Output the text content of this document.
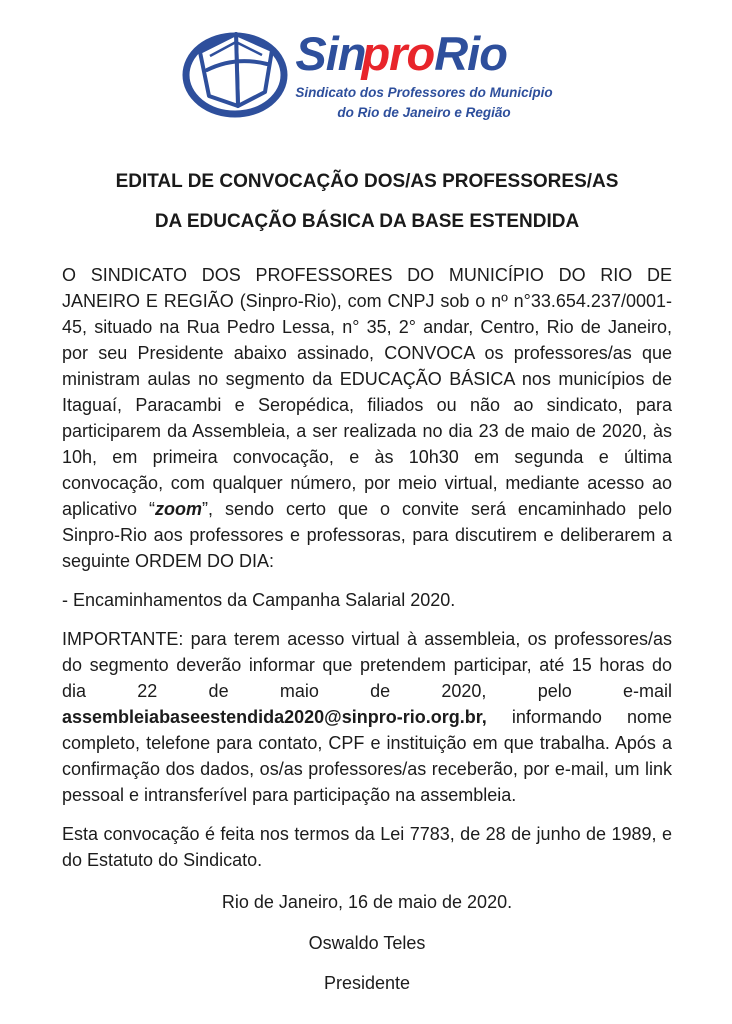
SinproRio
Sindicato dos Professores do Município
do Rio de Janeiro e Região
EDITAL DE CONVOCAÇÃO DOS/AS PROFESSORES/AS
DA EDUCAÇÃO BÁSICA DA BASE ESTENDIDA

O SINDICATO DOS PROFESSORES DO MUNICÍPIO DO RIO DE JANEIRO E REGIÃO (Sinpro-Rio), com CNPJ sob o nº n°33.654.237/0001-45, situado na Rua Pedro Lessa, n° 35, 2° andar, Centro, Rio de Janeiro, por seu Presidente abaixo assinado, CONVOCA os professores/as que ministram aulas no segmento da EDUCAÇÃO BÁSICA nos municípios de Itaguaí, Paracambi e Seropédica, filiados ou não ao sindicato, para participarem da Assembleia, a ser realizada no dia 23 de maio de 2020, às 10h, em primeira convocação, e às 10h30 em segunda e última convocação, com qualquer número, por meio virtual, mediante acesso ao aplicativo “zoom”, sendo certo que o convite será encaminhado pelo Sinpro-Rio aos professores e professoras, para discutirem e deliberarem a seguinte ORDEM DO DIA:

- Encaminhamentos da Campanha Salarial 2020.

IMPORTANTE: para terem acesso virtual à assembleia, os professores/as do segmento deverão informar que pretendem participar, até 15 horas do dia 22 de maio de 2020, pelo e-mail assembleiabaseestendida2020@sinpro-rio.org.br, informando nome completo, telefone para contato, CPF e instituição em que trabalha. Após a confirmação dos dados, os/as professores/as receberão, por e-mail, um link pessoal e intransferível para participação na assembleia.

Esta convocação é feita nos termos da Lei 7783, de 28 de junho de 1989, e do Estatuto do Sindicato.

Rio de Janeiro, 16 de maio de 2020.

Oswaldo Teles

Presidente
